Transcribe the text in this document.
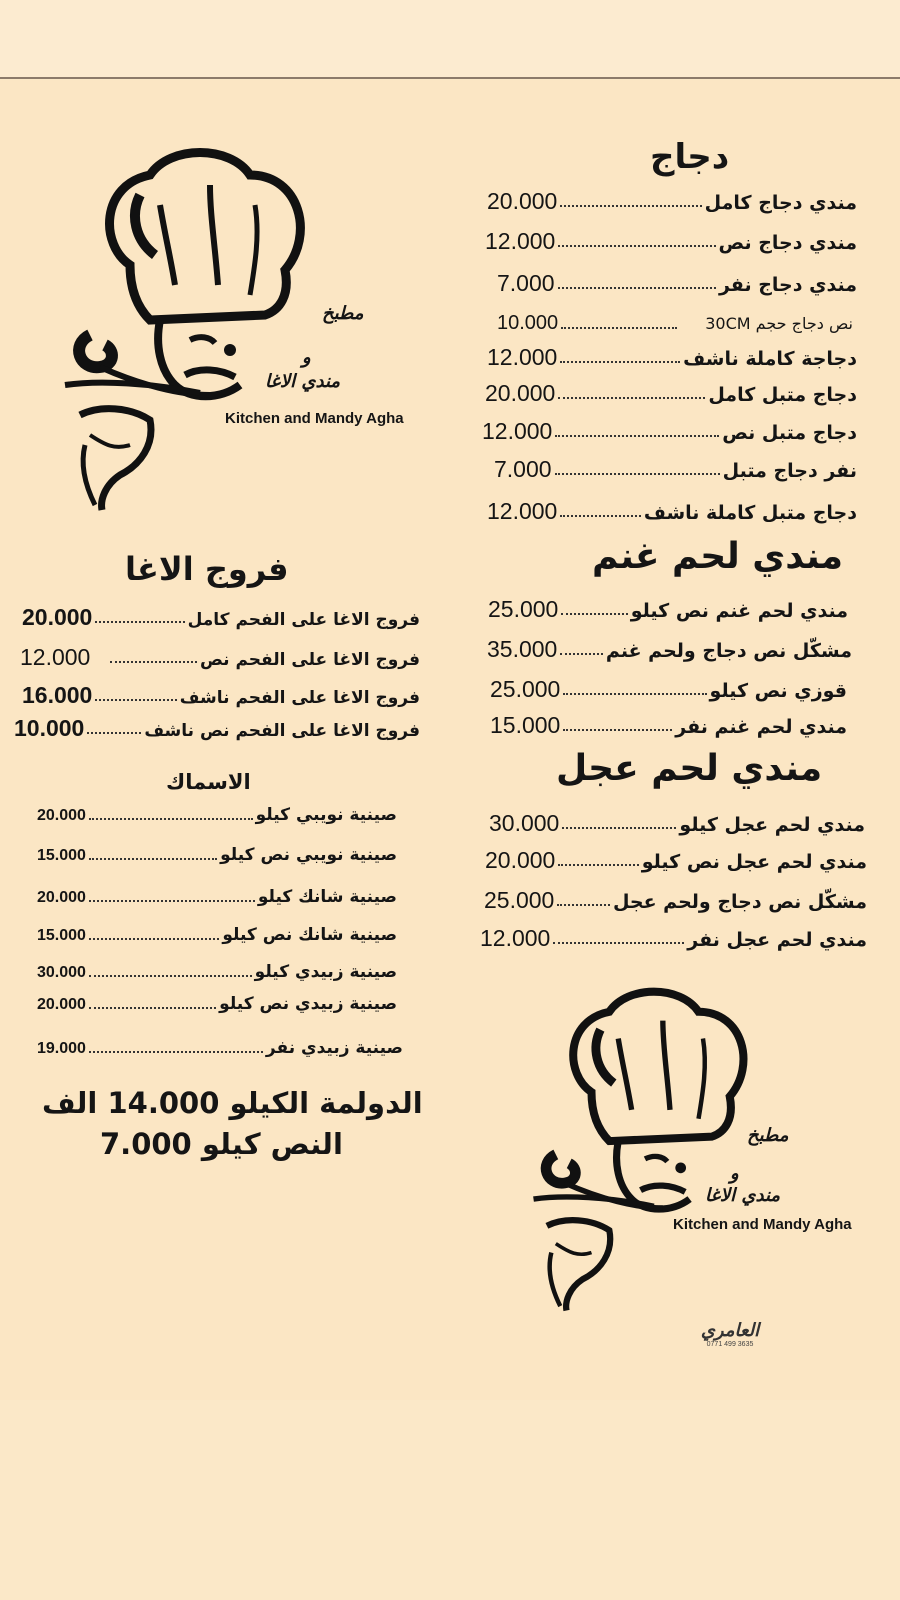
مطبخ
و
مندي الاغا
Kitchen and Mandy Agha
دجاج
20.000	مندي دجاج كامل
12.000	مندي دجاج نص
7.000	مندي دجاج نفر
10.000	نص دجاج حجم 30CM
12.000	دجاجة كاملة ناشف
20.000	دجاج متبل كامل
12.000	دجاج متبل نص
7.000	نفر دجاج متبل
12.000	دجاج متبل كاملة ناشف
مندي لحم غنم
25.000	مندي لحم غنم نص كيلو
35.000	مشكّل نص دجاج ولحم غنم
25.000	قوزي نص كيلو
15.000	مندي لحم غنم نفر
مندي لحم عجل
30.000	مندي لحم عجل كيلو
20.000	مندي لحم عجل نص كيلو
25.000	مشكّل نص دجاج ولحم عجل
12.000	مندي لحم عجل نفر
فروج الاغا
20.000	فروج الاغا على الفحم كامل
12.000	فروج الاغا على الفحم نص
16.000	فروج الاغا على الفحم ناشف
10.000	فروج الاغا على الفحم نص ناشف
الاسماك
20.000	صينية نويبي كيلو
15.000	صينية نويبي نص كيلو
20.000	صينية شانك كيلو
15.000	صينية شانك نص كيلو
30.000	صينية زبيدي كيلو
20.000	صينية زبيدي نص كيلو
19.000	صينية زبيدي نفر
الدولمة الكيلو 14.000 الف
النص كيلو 7.000	مطبخ
و
مندي الاغا
Kitchen and Mandy Agha
العامري
0771 499 3635
